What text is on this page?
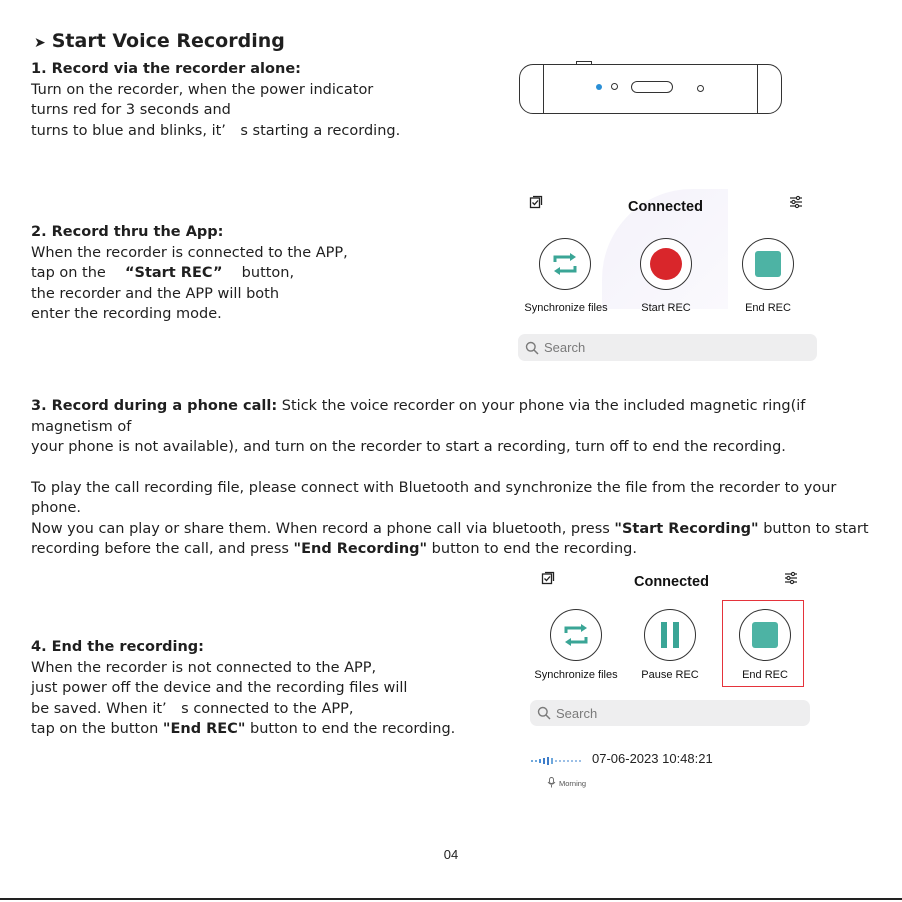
➤ Start Voice Recording
1. Record via the recorder alone:
Turn on the recorder, when the power indicator
turns red for 3 seconds and
turns to blue and blinks, it’　s starting a recording.
2. Record thru the App:
When the recorder is connected to the APP,
tap on the 　“Start REC”　 button,
the recorder and the APP will both
enter the recording mode.
Connected
Synchronize files	Start REC	End REC
Search
3. Record during a phone call: Stick the voice recorder on your phone via the included magnetic ring(if magnetism of
your phone is not available), and turn on the recorder to start a recording, turn off to end the recording.
To play the call recording file, please connect with Bluetooth and synchronize the file from the recorder to your phone.
Now you can play or share them. When record a phone call via bluetooth, press "Start Recording" button to start
recording before the call, and press "End Recording" button to end the recording.
4. End the recording:
When the recorder is not connected to the APP,
just power off the device and the recording files will
be saved. When it’　s connected to the APP,
tap on the button "End REC" button to end the recording.
Connected
Synchronize files	Pause REC	End REC
Search
07-06-2023 10:48:21
Morning
04
